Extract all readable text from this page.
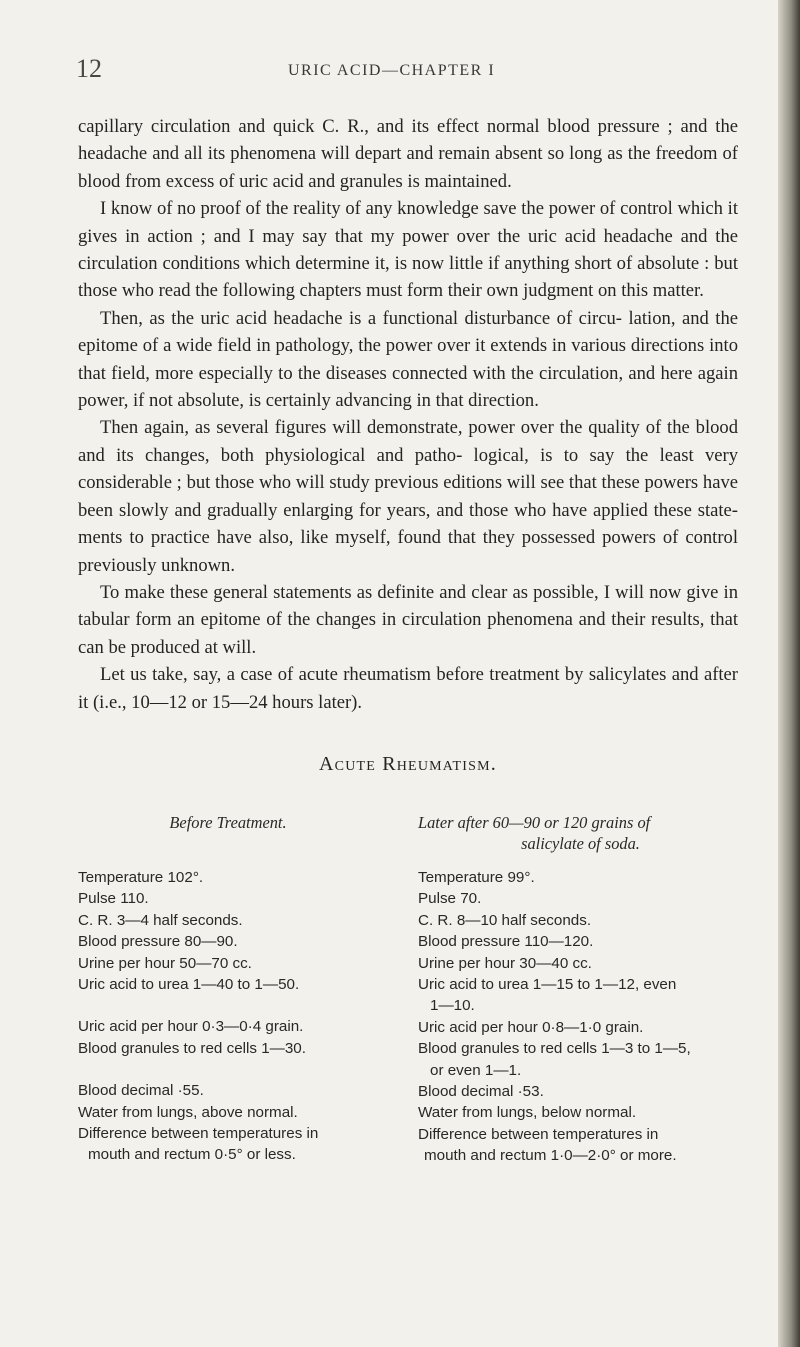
12	URIC ACID—CHAPTER I

capillary circulation and quick C. R., and its effect normal blood pressure ; and the headache and all its phenomena will depart and remain absent so long as the freedom of blood from excess of uric acid and granules is maintained.

I know of no proof of the reality of any knowledge save the power of control which it gives in action ; and I may say that my power over the uric acid headache and the circulation conditions which determine it, is now little if anything short of absolute : but those who read the following chapters must form their own judgment on this matter.

Then, as the uric acid headache is a functional disturbance of circu- lation, and the epitome of a wide field in pathology, the power over it extends in various directions into that field, more especially to the diseases connected with the circulation, and here again power, if not absolute, is certainly advancing in that direction.

Then again, as several figures will demonstrate, power over the quality of the blood and its changes, both physiological and patho- logical, is to say the least very considerable ; but those who will study previous editions will see that these powers have been slowly and gradually enlarging for years, and those who have applied these state- ments to practice have also, like myself, found that they possessed powers of control previously unknown.

To make these general statements as definite and clear as possible, I will now give in tabular form an epitome of the changes in circulation phenomena and their results, that can be produced at will.

Let us take, say, a case of acute rheumatism before treatment by salicylates and after it (i.e., 10—12 or 15—24 hours later).

Acute Rheumatism.
Before Treatment.
Temperature 102°.
Pulse 110.
C. R. 3—4 half seconds.
Blood pressure 80—90.
Urine per hour 50—70 cc.
Uric acid to urea 1—40 to 1—50.
Uric acid per hour 0·3—0·4 grain.
Blood granules to red cells 1—30.
Blood decimal ·55.
Water from lungs, above normal.
Difference between temperatures in
mouth and rectum 0·5° or less.
Later after 60—90 or 120 grains of
salicylate of soda.
Temperature 99°.
Pulse 70.
C. R. 8—10 half seconds.
Blood pressure 110—120.
Urine per hour 30—40 cc.
Uric acid to urea 1—15 to 1—12, even
1—10.
Uric acid per hour 0·8—1·0 grain.
Blood granules to red cells 1—3 to 1—5,
or even 1—1.
Blood decimal ·53.
Water from lungs, below normal.
Difference between temperatures in
mouth and rectum 1·0—2·0° or more.
